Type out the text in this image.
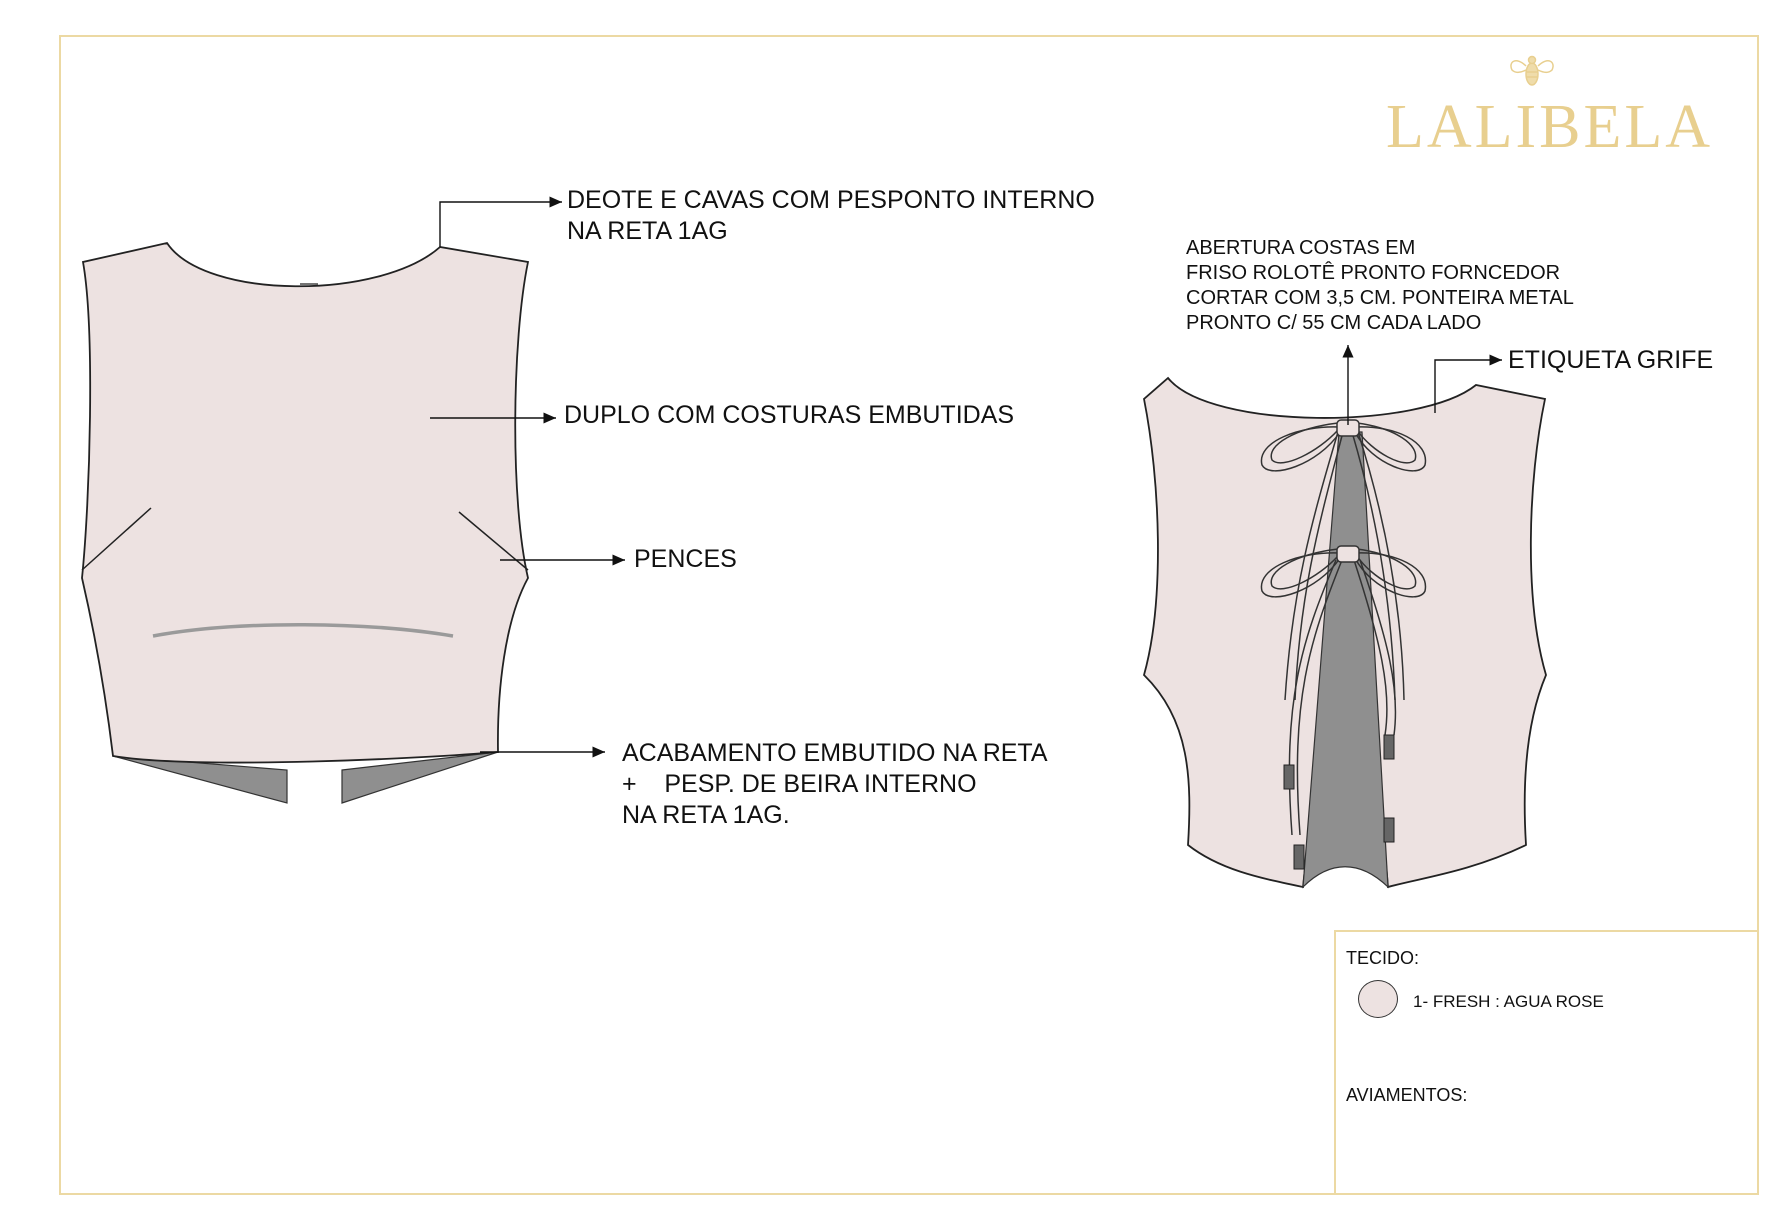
LALIBELA
DEOTE E CAVAS COM PESPONTO INTERNO
NA RETA 1AG
DUPLO COM COSTURAS EMBUTIDAS
PENCES
ACABAMENTO EMBUTIDO NA RETA
+    PESP. DE BEIRA INTERNO
NA RETA 1AG.
ABERTURA COSTAS EM
FRISO ROLOTÊ PRONTO FORNCEDOR
CORTAR COM 3,5 CM. PONTEIRA METAL
PRONTO C/ 55 CM CADA LADO
ETIQUETA GRIFE
TECIDO:
1- FRESH : AGUA ROSE
AVIAMENTOS:
